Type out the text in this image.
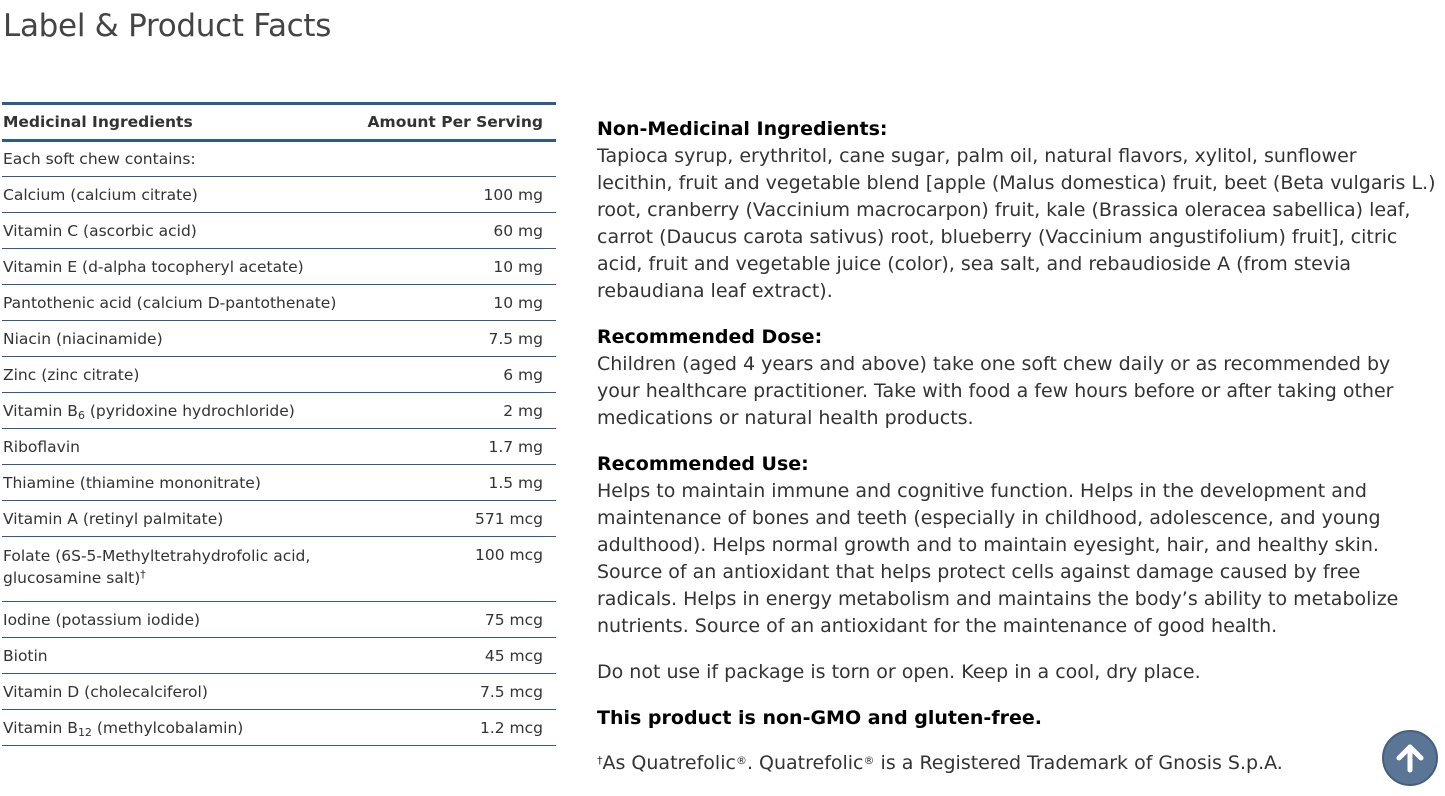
Label & Product Facts
Medicinal Ingredients	Amount Per Serving
Each soft chew contains:	
Calcium (calcium citrate)	100 mg
Vitamin C (ascorbic acid)	60 mg
Vitamin E (d-alpha tocopheryl acetate)	10 mg
Pantothenic acid (calcium D-pantothenate)	10 mg
Niacin (niacinamide)	7.5 mg
Zinc (zinc citrate)	6 mg
Vitamin $B_6$ (pyridoxine hydrochloride)	2 mg
Riboflavin	1.7 mg
Thiamine (thiamine mononitrate)	1.5 mg
Vitamin A (retinyl palmitate)	571 mcg
Folate (6S-5-Methyltetrahydrofolic acid,
glucosamine salt)†	100 mcg
Iodine (potassium iodide)	75 mcg
Biotin	45 mcg
Vitamin D (cholecalciferol)	7.5 mcg
Vitamin $B_{12}$ (methylcobalamin)	1.2 mcg
Non-Medicinal Ingredients:
Tapioca syrup, erythritol, cane sugar, palm oil, natural flavors, xylitol, sunflower lecithin, fruit and vegetable blend [apple (Malus domestica) fruit, beet (Beta vulgaris L.) root, cranberry (Vaccinium macrocarpon) fruit, kale (Brassica oleracea sabellica) leaf, carrot (Daucus carota sativus) root, blueberry (Vaccinium angustifolium) fruit], citric acid, fruit and vegetable juice (color), sea salt, and rebaudioside A (from stevia rebaudiana leaf extract).
Recommended Dose:
Children (aged 4 years and above) take one soft chew daily or as recommended by your healthcare practitioner. Take with food a few hours before or after taking other medications or natural health products.
Recommended Use:
Helps to maintain immune and cognitive function. Helps in the development and maintenance of bones and teeth (especially in childhood, adolescence, and young adulthood). Helps normal growth and to maintain eyesight, hair, and healthy skin. Source of an antioxidant that helps protect cells against damage caused by free radicals. Helps in energy metabolism and maintains the body’s ability to metabolize nutrients. Source of an antioxidant for the maintenance of good health.

Do not use if package is torn or open. Keep in a cool, dry place.

This product is non-GMO and gluten-free.

†As Quatrefolic®. Quatrefolic® is a Registered Trademark of Gnosis S.p.A.
